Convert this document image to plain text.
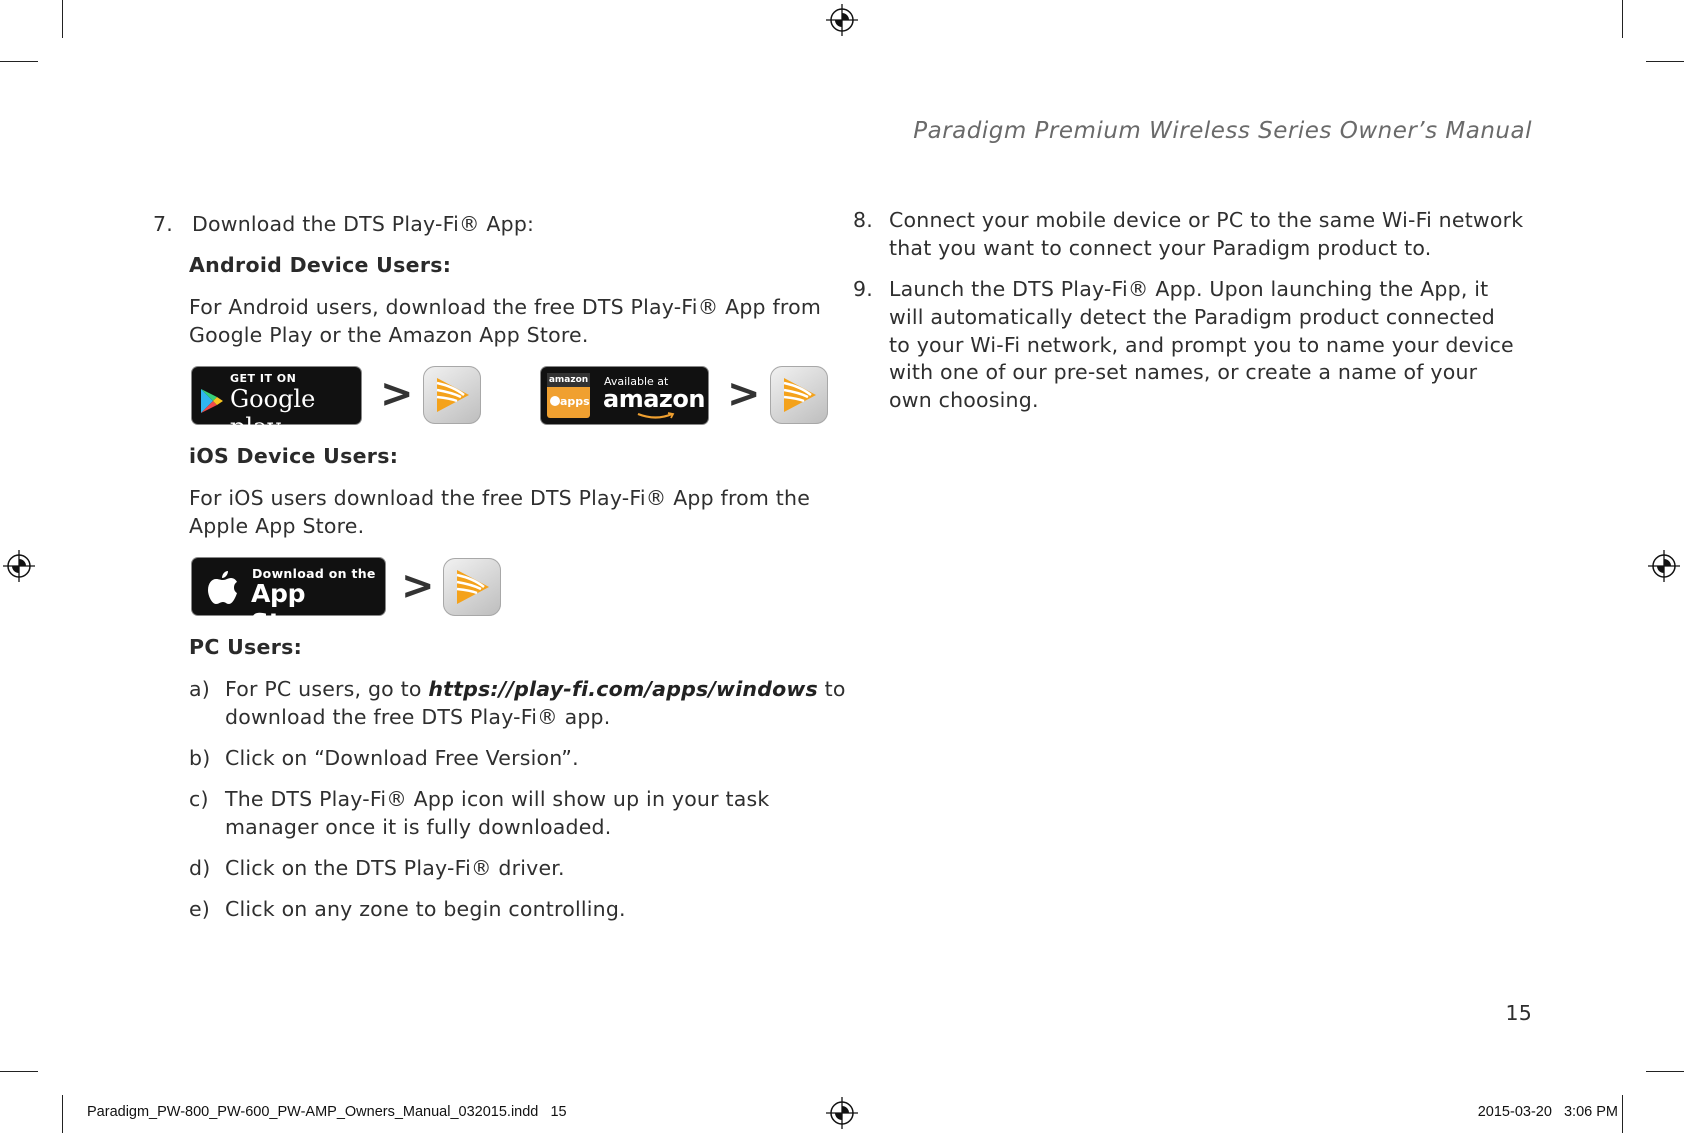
Paradigm Premium Wireless Series Owner’s Manual
7. Download the DTS Play-Fi® App:
Android Device Users:
For Android users, download the free DTS Play-Fi® App from
Google Play or the Amazon App Store.
GET IT ON
Google play
>	amazon
apps
Available at
amazon >
iOS Device Users:
For iOS users download the free DTS Play-Fi® App from the
Apple App Store.
Download on the
App Store
>
PC Users:
a) For PC users, go to https://play-fi.com/apps/windows to
download the free DTS Play-Fi® app.
b) Click on “Download Free Version”.
c) The DTS Play-Fi® App icon will show up in your task
manager once it is fully downloaded.
d) Click on the DTS Play-Fi® driver.
e) Click on any zone to begin controlling.
8. Connect your mobile device or PC to the same Wi-Fi network
that you want to connect your Paradigm product to.
9. Launch the DTS Play-Fi® App. Upon launching the App, it
will automatically detect the Paradigm product connected
to your Wi-Fi network, and prompt you to name your device
with one of our pre-set names, or create a name of your
own choosing.
15
Paradigm_PW-800_PW-600_PW-AMP_Owners_Manual_032015.indd   15	2015-03-20   3:06 PM
